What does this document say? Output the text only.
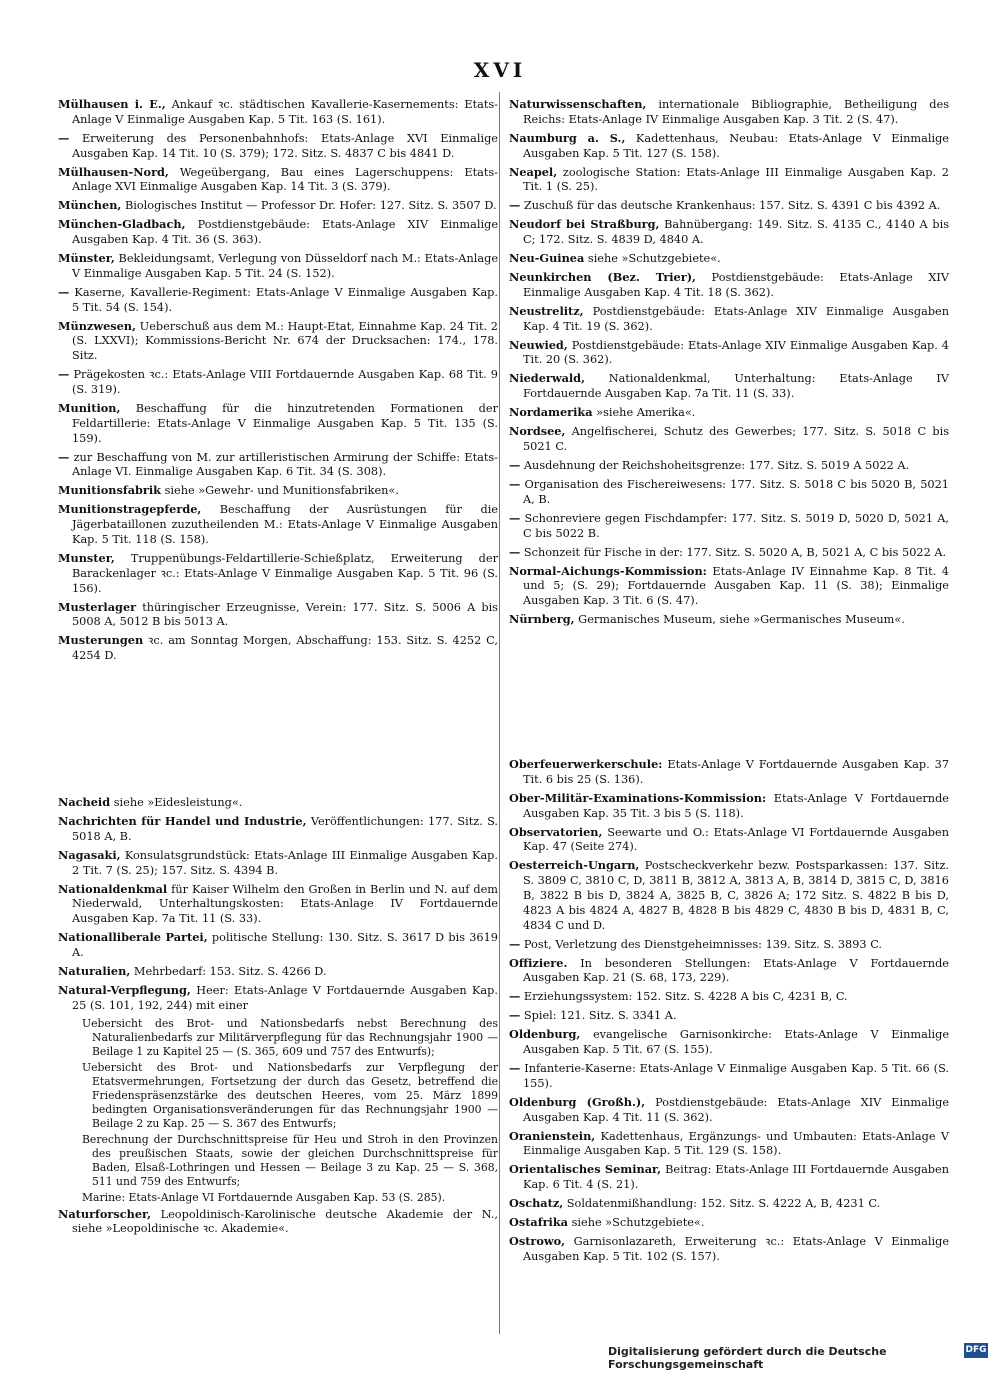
XVI
Mülhausen i. E., Ankauf ꝛc. städtischen Kavallerie-Kasernements: Etats-Anlage V Einmalige Ausgaben Kap. 5 Tit. 163 (S. 161).
— Erweiterung des Personenbahnhofs: Etats-Anlage XVI Einmalige Ausgaben Kap. 14 Tit. 10 (S. 379); 172. Sitz. S. 4837 C bis 4841 D.
Mülhausen-Nord, Wegeübergang, Bau eines Lagerschuppens: Etats-Anlage XVI Einmalige Ausgaben Kap. 14 Tit. 3 (S. 379).
München, Biologisches Institut — Professor Dr. Hofer: 127. Sitz. S. 3507 D.
München-Gladbach, Postdienstgebäude: Etats-Anlage XIV Einmalige Ausgaben Kap. 4 Tit. 36 (S. 363).
Münster, Bekleidungsamt, Verlegung von Düsseldorf nach M.: Etats-Anlage V Einmalige Ausgaben Kap. 5 Tit. 24 (S. 152).
— Kaserne, Kavallerie-Regiment: Etats-Anlage V Einmalige Ausgaben Kap. 5 Tit. 54 (S. 154).
Münzwesen, Ueberschuß aus dem M.: Haupt-Etat, Einnahme Kap. 24 Tit. 2 (S. LXXVI); Kommissions-Bericht Nr. 674 der Drucksachen: 174., 178. Sitz.
— Prägekosten ꝛc.: Etats-Anlage VIII Fortdauernde Ausgaben Kap. 68 Tit. 9 (S. 319).
Munition, Beschaffung für die hinzutretenden Formationen der Feldartillerie: Etats-Anlage V Einmalige Ausgaben Kap. 5 Tit. 135 (S. 159).
— zur Beschaffung von M. zur artilleristischen Armirung der Schiffe: Etats-Anlage VI. Einmalige Ausgaben Kap. 6 Tit. 34 (S. 308).
Munitionsfabrik siehe »Gewehr- und Munitionsfabriken«.
Munitionstragepferde, Beschaffung der Ausrüstungen für die Jägerbataillonen zuzutheilenden M.: Etats-Anlage V Einmalige Ausgaben Kap. 5 Tit. 118 (S. 158).
Munster, Truppenübungs-Feldartillerie-Schießplatz, Erweiterung der Barackenlager ꝛc.: Etats-Anlage V Einmalige Ausgaben Kap. 5 Tit. 96 (S. 156).
Musterlager thüringischer Erzeugnisse, Verein: 177. Sitz. S. 5006 A bis 5008 A, 5012 B bis 5013 A.
Musterungen ꝛc. am Sonntag Morgen, Abschaffung: 153. Sitz. S. 4252 C, 4254 D.
Nacheid siehe »Eidesleistung«.
Nachrichten für Handel und Industrie, Veröffentlichungen: 177. Sitz. S. 5018 A, B.
Nagasaki, Konsulatsgrundstück: Etats-Anlage III Einmalige Ausgaben Kap. 2 Tit. 7 (S. 25); 157. Sitz. S. 4394 B.
Nationaldenkmal für Kaiser Wilhelm den Großen in Berlin und N. auf dem Niederwald, Unterhaltungskosten: Etats-Anlage IV Fortdauernde Ausgaben Kap. 7a Tit. 11 (S. 33).
Nationalliberale Partei, politische Stellung: 130. Sitz. S. 3617 D bis 3619 A.
Naturalien, Mehrbedarf: 153. Sitz. S. 4266 D.
Natural-Verpflegung, Heer: Etats-Anlage V Fortdauernde Ausgaben Kap. 25 (S. 101, 192, 244) mit einer
Uebersicht des Brot- und Nationsbedarfs nebst Berechnung des Naturalienbedarfs zur Militärverpflegung für das Rechnungsjahr 1900 — Beilage 1 zu Kapitel 25 — (S. 365, 609 und 757 des Entwurfs);
Uebersicht des Brot- und Nationsbedarfs zur Verpflegung der Etatsvermehrungen, Fortsetzung der durch das Gesetz, betreffend die Friedenspräsenzstärke des deutschen Heeres, vom 25. März 1899 bedingten Organisationsveränderungen für das Rechnungsjahr 1900 — Beilage 2 zu Kap. 25 — S. 367 des Entwurfs;
Berechnung der Durchschnittspreise für Heu und Stroh in den Provinzen des preußischen Staats, sowie der gleichen Durchschnittspreise für Baden, Elsaß-Lothringen und Hessen — Beilage 3 zu Kap. 25 — S. 368, 511 und 759 des Entwurfs;
Marine: Etats-Anlage VI Fortdauernde Ausgaben Kap. 53 (S. 285).
Naturforscher, Leopoldinisch-Karolinische deutsche Akademie der N., siehe »Leopoldinische ꝛc. Akademie«.
Naturwissenschaften, internationale Bibliographie, Betheiligung des Reichs: Etats-Anlage IV Einmalige Ausgaben Kap. 3 Tit. 2 (S. 47).
Naumburg a. S., Kadettenhaus, Neubau: Etats-Anlage V Einmalige Ausgaben Kap. 5 Tit. 127 (S. 158).
Neapel, zoologische Station: Etats-Anlage III Einmalige Ausgaben Kap. 2 Tit. 1 (S. 25).
— Zuschuß für das deutsche Krankenhaus: 157. Sitz. S. 4391 C bis 4392 A.
Neudorf bei Straßburg, Bahnübergang: 149. Sitz. S. 4135 C., 4140 A bis C; 172. Sitz. S. 4839 D, 4840 A.
Neu-Guinea siehe »Schutzgebiete«.
Neunkirchen (Bez. Trier), Postdienstgebäude: Etats-Anlage XIV Einmalige Ausgaben Kap. 4 Tit. 18 (S. 362).
Neustrelitz, Postdienstgebäude: Etats-Anlage XIV Einmalige Ausgaben Kap. 4 Tit. 19 (S. 362).
Neuwied, Postdienstgebäude: Etats-Anlage XIV Einmalige Ausgaben Kap. 4 Tit. 20 (S. 362).
Niederwald, Nationaldenkmal, Unterhaltung: Etats-Anlage IV Fortdauernde Ausgaben Kap. 7a Tit. 11 (S. 33).
Nordamerika »siehe Amerika«.
Nordsee, Angelfischerei, Schutz des Gewerbes; 177. Sitz. S. 5018 C bis 5021 C.
— Ausdehnung der Reichshoheitsgrenze: 177. Sitz. S. 5019 A 5022 A.
— Organisation des Fischereiwesens: 177. Sitz. S. 5018 C bis 5020 B, 5021 A, B.
— Schonreviere gegen Fischdampfer: 177. Sitz. S. 5019 D, 5020 D, 5021 A, C bis 5022 B.
— Schonzeit für Fische in der: 177. Sitz. S. 5020 A, B, 5021 A, C bis 5022 A.
Normal-Aichungs-Kommission: Etats-Anlage IV Einnahme Kap. 8 Tit. 4 und 5; (S. 29); Fortdauernde Ausgaben Kap. 11 (S. 38); Einmalige Ausgaben Kap. 3 Tit. 6 (S. 47).
Nürnberg, Germanisches Museum, siehe »Germanisches Museum«.
Oberfeuerwerkerschule: Etats-Anlage V Fortdauernde Ausgaben Kap. 37 Tit. 6 bis 25 (S. 136).
Ober-Militär-Examinations-Kommission: Etats-Anlage V Fortdauernde Ausgaben Kap. 35 Tit. 3 bis 5 (S. 118).
Observatorien, Seewarte und O.: Etats-Anlage VI Fortdauernde Ausgaben Kap. 47 (Seite 274).
Oesterreich-Ungarn, Postscheckverkehr bezw. Postsparkassen: 137. Sitz. S. 3809 C, 3810 C, D, 3811 B, 3812 A, 3813 A, B, 3814 D, 3815 C, D, 3816 B, 3822 B bis D, 3824 A, 3825 B, C, 3826 A; 172 Sitz. S. 4822 B bis D, 4823 A bis 4824 A, 4827 B, 4828 B bis 4829 C, 4830 B bis D, 4831 B, C, 4834 C und D.
— Post, Verletzung des Dienstgeheimnisses: 139. Sitz. S. 3893 C.
Offiziere. In besonderen Stellungen: Etats-Anlage V Fortdauernde Ausgaben Kap. 21 (S. 68, 173, 229).
— Erziehungssystem: 152. Sitz. S. 4228 A bis C, 4231 B, C.
— Spiel: 121. Sitz. S. 3341 A.
Oldenburg, evangelische Garnisonkirche: Etats-Anlage V Einmalige Ausgaben Kap. 5 Tit. 67 (S. 155).
— Infanterie-Kaserne: Etats-Anlage V Einmalige Ausgaben Kap. 5 Tit. 66 (S. 155).
Oldenburg (Großh.), Postdienstgebäude: Etats-Anlage XIV Einmalige Ausgaben Kap. 4 Tit. 11 (S. 362).
Oranienstein, Kadettenhaus, Ergänzungs- und Umbauten: Etats-Anlage V Einmalige Ausgaben Kap. 5 Tit. 129 (S. 158).
Orientalisches Seminar, Beitrag: Etats-Anlage III Fortdauernde Ausgaben Kap. 6 Tit. 4 (S. 21).
Oschatz, Soldatenmißhandlung: 152. Sitz. S. 4222 A, B, 4231 C.
Ostafrika siehe »Schutzgebiete«.
Ostrowo, Garnisonlazareth, Erweiterung ꝛc.: Etats-Anlage V Einmalige Ausgaben Kap. 5 Tit. 102 (S. 157).
Digitalisierung gefördert durch die Deutsche Forschungsgemeinschaft
DFG
